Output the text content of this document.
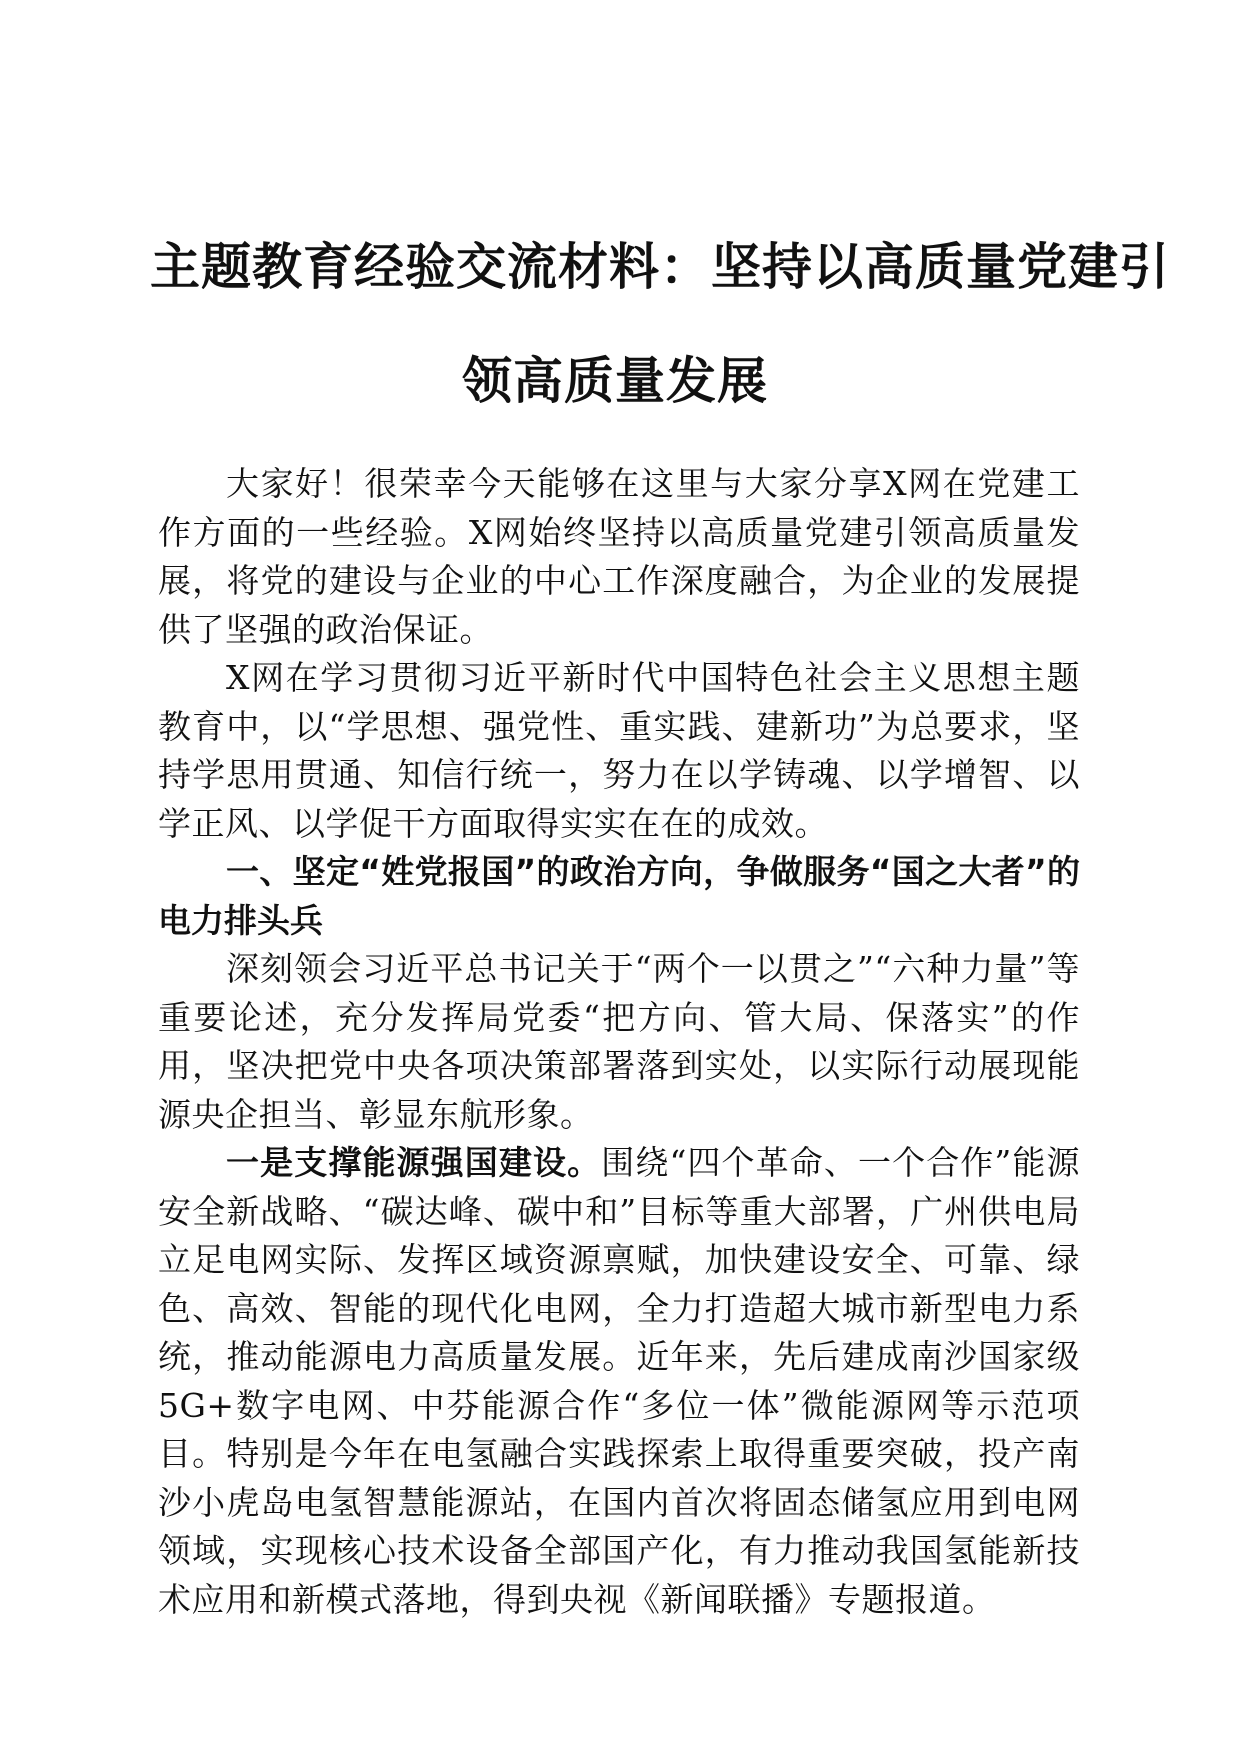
主题教育经验交流材料：坚持以高质量党建引
领高质量发展

大家好！很荣幸今天能够在这里与大家分享X网在党建工作方面的一些经验。X网始终坚持以高质量党建引领高质量发展，将党的建设与企业的中心工作深度融合，为企业的发展提供了坚强的政治保证。

X网在学习贯彻习近平新时代中国特色社会主义思想主题教育中，以“学思想、强党性、重实践、建新功”为总要求，坚持学思用贯通、知信行统一，努力在以学铸魂、以学增智、以学正风、以学促干方面取得实实在在的成效。

一、坚定“姓党报国”的政治方向，争做服务“国之大者”的电力排头兵

深刻领会习近平总书记关于“两个一以贯之”“六种力量”等重要论述，充分发挥局党委“把方向、管大局、保落实”的作用，坚决把党中央各项决策部署落到实处，以实际行动展现能源央企担当、彰显东航形象。

一是支撑能源强国建设。围绕“四个革命、一个合作”能源安全新战略、“碳达峰、碳中和”目标等重大部署，广州供电局立足电网实际、发挥区域资源禀赋，加快建设安全、可靠、绿色、高效、智能的现代化电网，全力打造超大城市新型电力系统，推动能源电力高质量发展。近年来，先后建成南沙国家级5G+数字电网、中芬能源合作“多位一体”微能源网等示范项目。特别是今年在电氢融合实践探索上取得重要突破，投产南沙小虎岛电氢智慧能源站，在国内首次将固态储氢应用到电网领域，实现核心技术设备全部国产化，有力推动我国氢能新技术应用和新模式落地，得到央视《新闻联播》专题报道。
